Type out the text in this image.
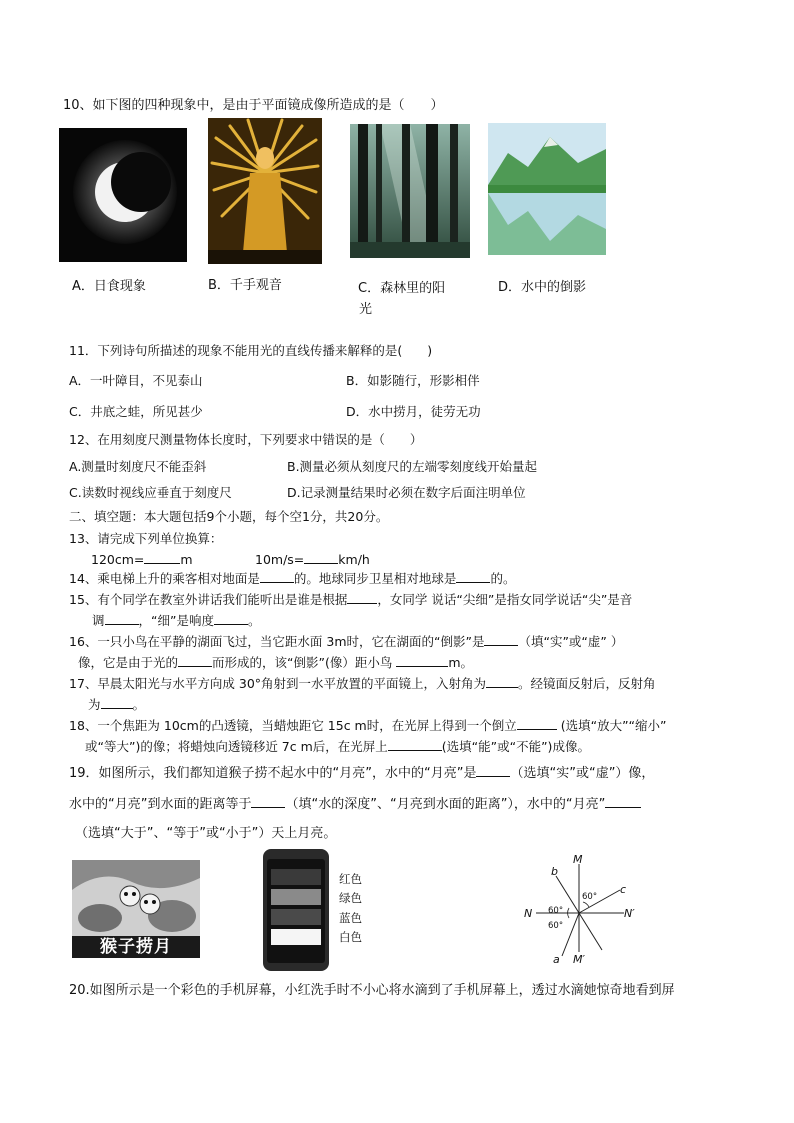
10、如下图的四种现象中，是由于平面镜成像所造成的是（　　）
A．日食现象	B．千手观音	C．森林里的阳
光
D．水中的倒影
11．下列诗句所描述的现象不能用光的直线传播来解释的是(　　)
A．一叶障目，不见泰山	B．如影随行，形影相伴
C．井底之蛙，所见甚少	D．水中捞月，徒劳无功
12、在用刻度尺测量物体长度时，下列要求中错误的是（　　）
A.测量时刻度尺不能歪斜	B.测量必须从刻度尺的左端零刻度线开始量起
C.读数时视线应垂直于刻度尺	D.记录测量结果时必须在数字后面注明单位
二、填空题：本大题包括9个小题，每个空1分，共20分。
13、请完成下列单位换算：
120cm=	m	10m/s=	km/h
14、乘电梯上升的乘客相对地面是	的。地球同步卫星相对地球是	的。
15、有个同学在教室外讲话我们能听出是谁是根据 ，女同学 说话“尖细”是指女同学说话“尖”是音
调	，“细”是响度	。
16、一只小鸟在平静的湖面飞过，当它距水面 3m时，它在湖面的“倒影”是	（填“实”或“虚” ）
像，它是由于光的	而形成的，该“倒影”(像）距小鸟	m。
17、早晨太阳光与水平方向成 30°角射到一水平放置的平面镜上，入射角为	。经镜面反射后，反射角
为	。
18、一个焦距为 10cm的凸透镜，当蜡烛距它 15c m时，在光屏上得到一个倒立	(选填“放大”“缩小”
或“等大”)的像；将蜡烛向透镜移近 7c m后，在光屏上	(选填“能”或“不能”)成像。
19．如图所示，我们都知道猴子捞不起水中的“月亮”，水中的“月亮”是	（选填“实”或“虚”）像，
水中的“月亮”到水面的距离等于	（填“水的深度”、“月亮到水面的距离”），水中的“月亮”
（选填“大于”、“等于”或“小于”）天上月亮。
猴子捞月
红色
绿色
蓝色
白色
M
M′
N	N′
b
c
a
60°
60°
60°
20.如图所示是一个彩色的手机屏幕，小红洗手时不小心将水滴到了手机屏幕上，透过水滴她惊奇地看到屏
